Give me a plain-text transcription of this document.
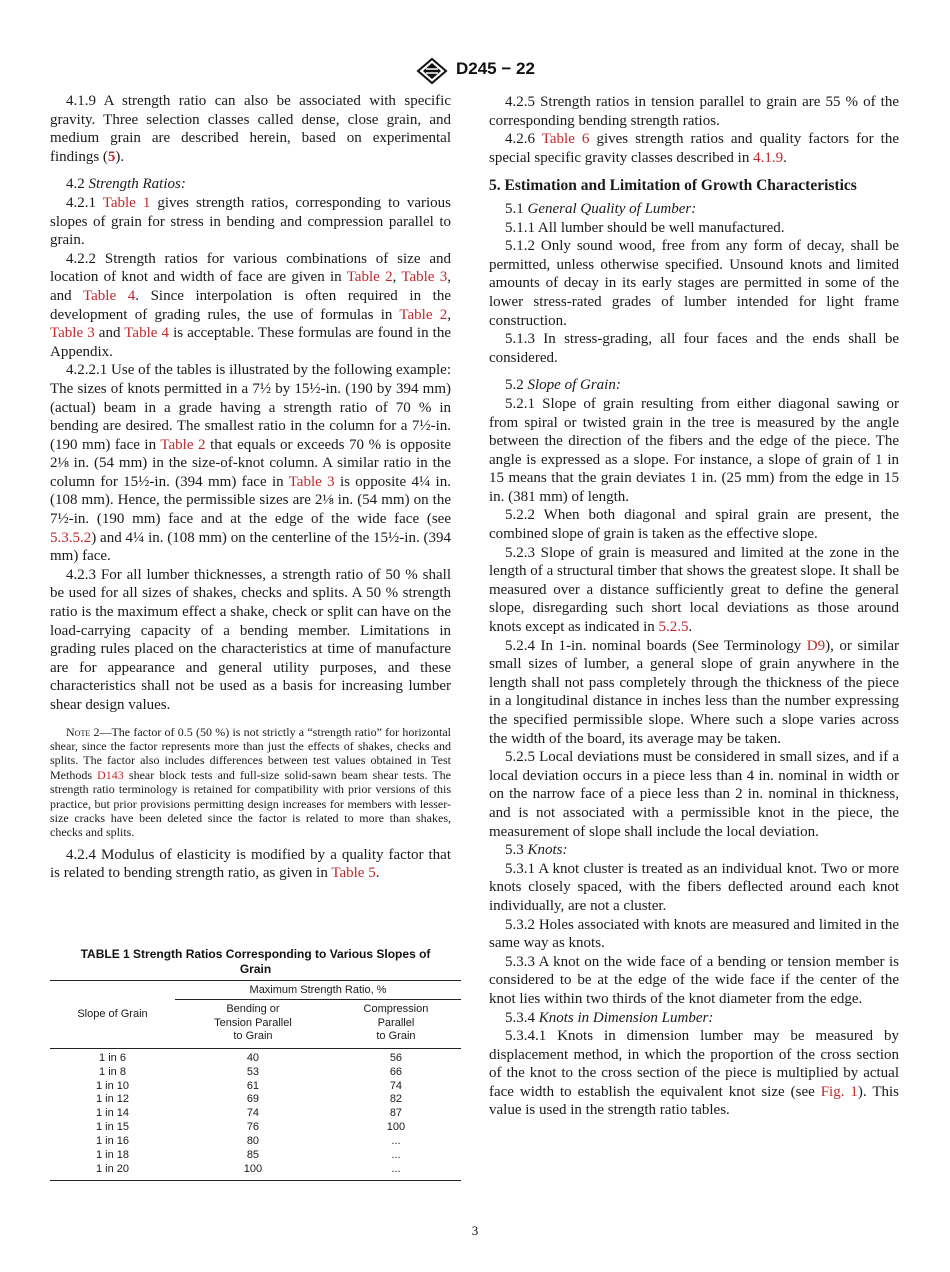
D245 − 22

4.1.9 A strength ratio can also be associated with specific gravity. Three selection classes called dense, close grain, and medium grain are described herein, based on experimental findings (5).

4.2 Strength Ratios:

4.2.1 Table 1 gives strength ratios, corresponding to various slopes of grain for stress in bending and compression parallel to grain.

4.2.2 Strength ratios for various combinations of size and location of knot and width of face are given in Table 2, Table 3, and Table 4. Since interpolation is often required in the development of grading rules, the use of formulas in Table 2, Table 3 and Table 4 is acceptable. These formulas are found in the Appendix.

4.2.2.1 Use of the tables is illustrated by the following example: The sizes of knots permitted in a 7½ by 15½-in. (190 by 394 mm) (actual) beam in a grade having a strength ratio of 70 % in bending are desired. The smallest ratio in the column for a 7½-in. (190 mm) face in Table 2 that equals or exceeds 70 % is opposite 2⅛ in. (54 mm) in the size-of-knot column. A similar ratio in the column for 15½-in. (394 mm) face in Table 3 is opposite 4¼ in. (108 mm). Hence, the permissible sizes are 2⅛ in. (54 mm) on the 7½-in. (190 mm) face and at the edge of the wide face (see 5.3.5.2) and 4¼ in. (108 mm) on the centerline of the 15½-in. (394 mm) face.

4.2.3 For all lumber thicknesses, a strength ratio of 50 % shall be used for all sizes of shakes, checks and splits. A 50 % strength ratio is the maximum effect a shake, check or split can have on the load-carrying capacity of a bending member. Limitations in grading rules placed on the characteristics at time of manufacture are for appearance and general utility purposes, and these characteristics shall not be used as a basis for increasing lumber shear design values.

Note 2—The factor of 0.5 (50 %) is not strictly a “strength ratio” for horizontal shear, since the factor represents more than just the effects of shakes, checks and splits. The factor also includes differences between test values obtained in Test Methods D143 shear block tests and full-size solid-sawn beam shear tests. The strength ratio terminology is retained for compatibility with prior versions of this practice, but prior provisions permitting design increases for members with lesser-size cracks have been deleted since the factor is related to more than shakes, checks and splits.

4.2.4 Modulus of elasticity is modified by a quality factor that is related to bending strength ratio, as given in Table 5.

TABLE 1 Strength Ratios Corresponding to Various Slopes of Grain
Slope of Grain	Maximum Strength Ratio, %	
	Bending or
Tension Parallel
to Grain	Compression
Parallel
to Grain
1 in 6	40	56
1 in 8	53	66
1 in 10	61	74
1 in 12	69	82
1 in 14	74	87
1 in 15	76	100
1 in 16	80	...
1 in 18	85	...
1 in 20	100	...

4.2.5 Strength ratios in tension parallel to grain are 55 % of the corresponding bending strength ratios.

4.2.6 Table 6 gives strength ratios and quality factors for the special specific gravity classes described in 4.1.9.

5. Estimation and Limitation of Growth Characteristics

5.1 General Quality of Lumber:

5.1.1 All lumber should be well manufactured.

5.1.2 Only sound wood, free from any form of decay, shall be permitted, unless otherwise specified. Unsound knots and limited amounts of decay in its early stages are permitted in some of the lower stress-rated grades of lumber intended for light frame construction.

5.1.3 In stress-grading, all four faces and the ends shall be considered.

5.2 Slope of Grain:

5.2.1 Slope of grain resulting from either diagonal sawing or from spiral or twisted grain in the tree is measured by the angle between the direction of the fibers and the edge of the piece. The angle is expressed as a slope. For instance, a slope of grain of 1 in 15 means that the grain deviates 1 in. (25 mm) from the edge in 15 in. (381 mm) of length.

5.2.2 When both diagonal and spiral grain are present, the combined slope of grain is taken as the effective slope.

5.2.3 Slope of grain is measured and limited at the zone in the length of a structural timber that shows the greatest slope. It shall be measured over a distance sufficiently great to define the general slope, disregarding such short local deviations as those around knots except as indicated in 5.2.5.

5.2.4 In 1-in. nominal boards (See Terminology D9), or similar small sizes of lumber, a general slope of grain anywhere in the length shall not pass completely through the thickness of the piece in a longitudinal distance in inches less than the number expressing the specified permissible slope. Where such a slope varies across the width of the board, its average may be taken.

5.2.5 Local deviations must be considered in small sizes, and if a local deviation occurs in a piece less than 4 in. nominal in width or on the narrow face of a piece less than 2 in. nominal in thickness, and is not associated with a permissible knot in the piece, the measurement of slope shall include the local deviation.

5.3 Knots:

5.3.1 A knot cluster is treated as an individual knot. Two or more knots closely spaced, with the fibers deflected around each knot individually, are not a cluster.

5.3.2 Holes associated with knots are measured and limited in the same way as knots.

5.3.3 A knot on the wide face of a bending or tension member is considered to be at the edge of the wide face if the center of the knot lies within two thirds of the knot diameter from the edge.

5.3.4 Knots in Dimension Lumber:

5.3.4.1 Knots in dimension lumber may be measured by displacement method, in which the proportion of the cross section of the knot to the cross section of the piece is multiplied by actual face width to establish the equivalent knot size (see Fig. 1). This value is used in the strength ratio tables.

3
